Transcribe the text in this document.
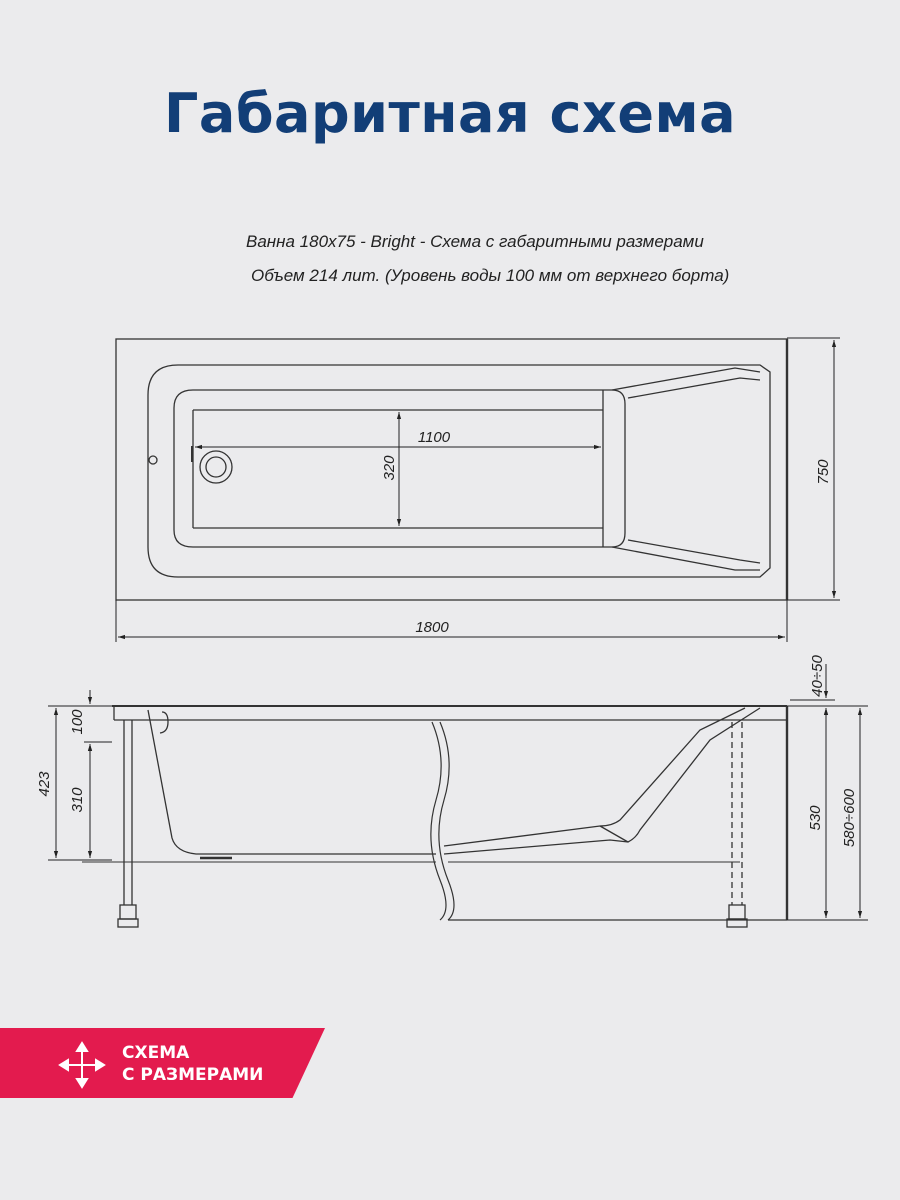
Габаритная схема
Ванна 180x75 - Bright - Схема с габаритными размерами
Объем 214 лит. (Уровень воды 100 мм от верхнего борта)
1800
750
1100
320
423
100
310
40÷50
530 580÷600
СХЕМА
С РАЗМЕРАМИ
